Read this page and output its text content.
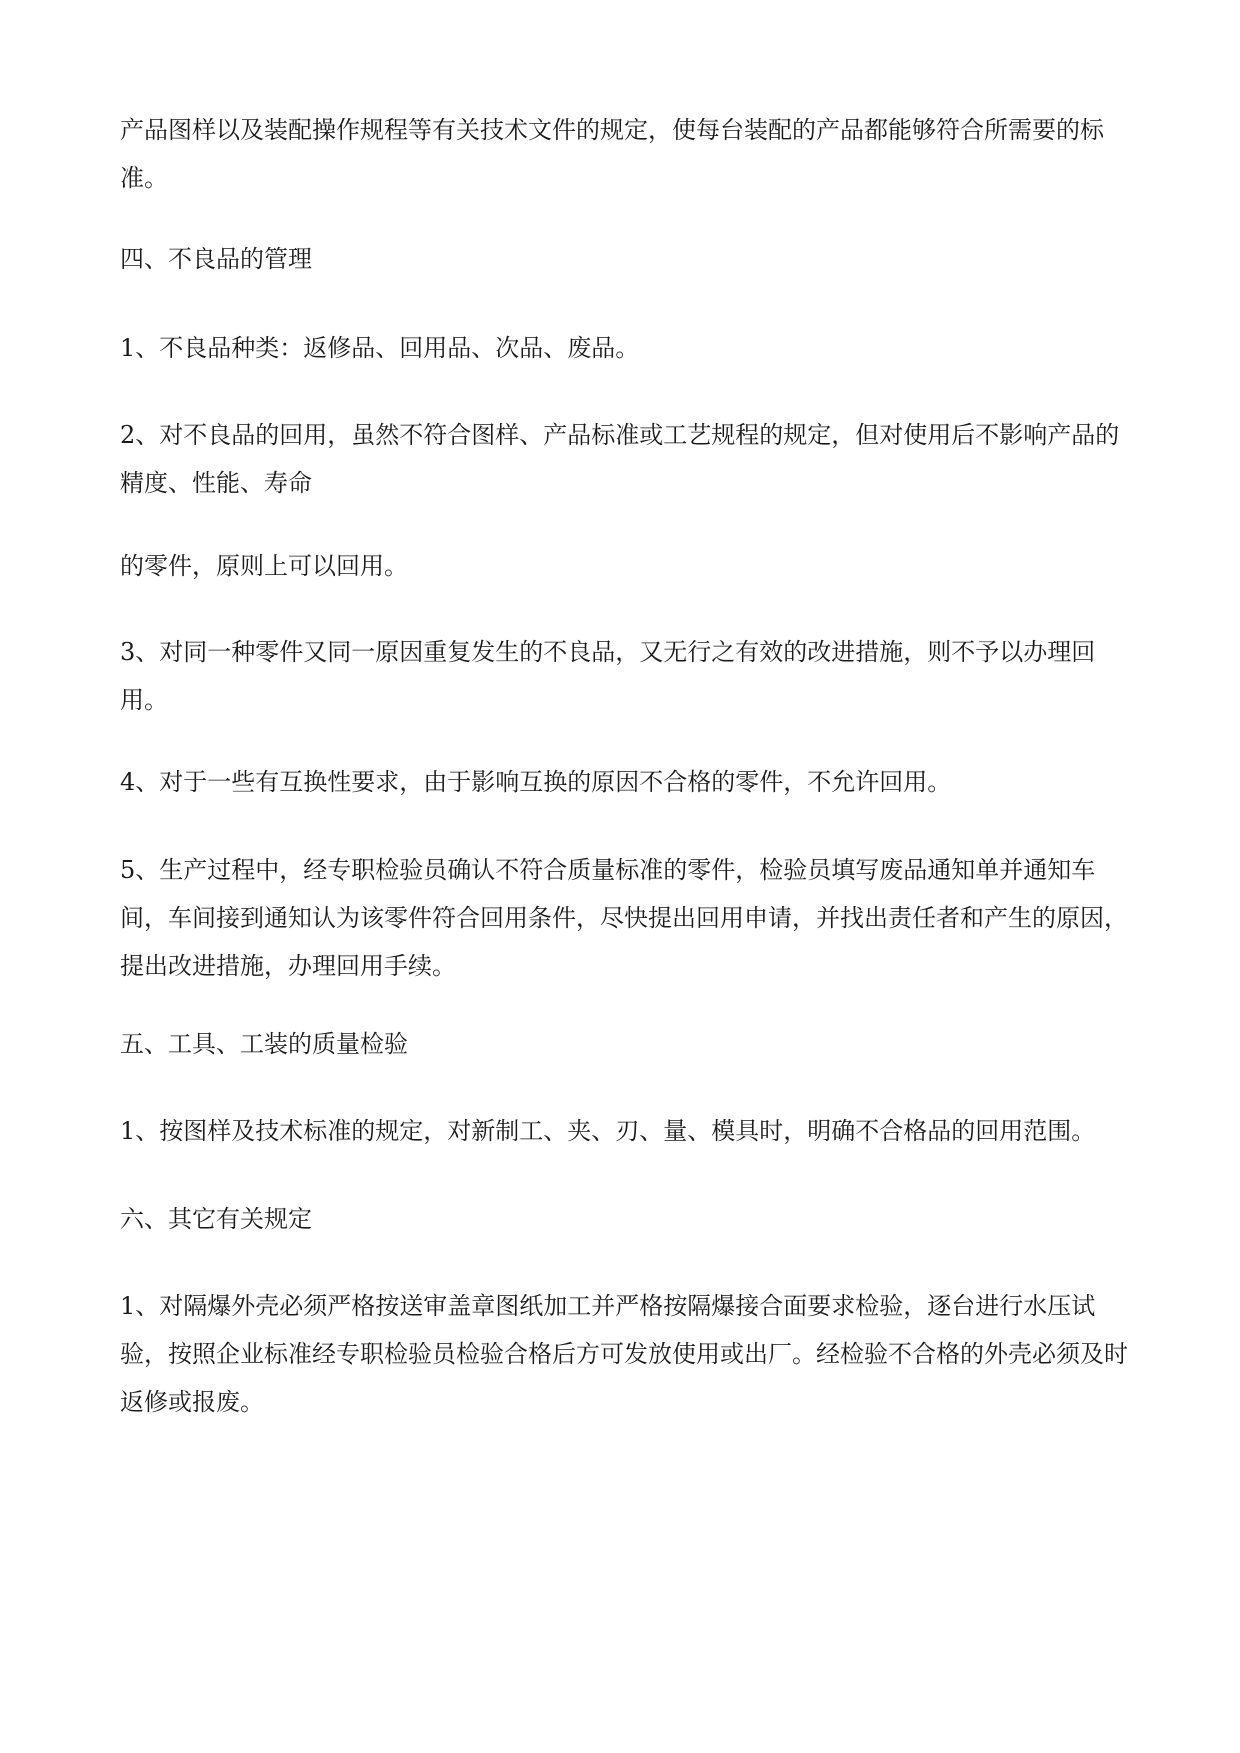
产品图样以及装配操作规程等有关技术文件的规定，使每台装配的产品都能够符合所需要的标准。

四、不良品的管理

1、不良品种类：返修品、回用品、次品、废品。

2、对不良品的回用，虽然不符合图样、产品标准或工艺规程的规定，但对使用后不影响产品的精度、性能、寿命

的零件，原则上可以回用。

3、对同一种零件又同一原因重复发生的不良品，又无行之有效的改进措施，则不予以办理回用。

4、对于一些有互换性要求，由于影响互换的原因不合格的零件，不允许回用。

5、生产过程中，经专职检验员确认不符合质量标准的零件，检验员填写废品通知单并通知车间，车间接到通知认为该零件符合回用条件，尽快提出回用申请，并找出责任者和产生的原因，提出改进措施，办理回用手续。

五、工具、工装的质量检验

1、按图样及技术标准的规定，对新制工、夹、刃、量、模具时，明确不合格品的回用范围。

六、其它有关规定

1、对隔爆外壳必须严格按送审盖章图纸加工并严格按隔爆接合面要求检验，逐台进行水压试验，按照企业标准经专职检验员检验合格后方可发放使用或出厂。经检验不合格的外壳必须及时返修或报废。
